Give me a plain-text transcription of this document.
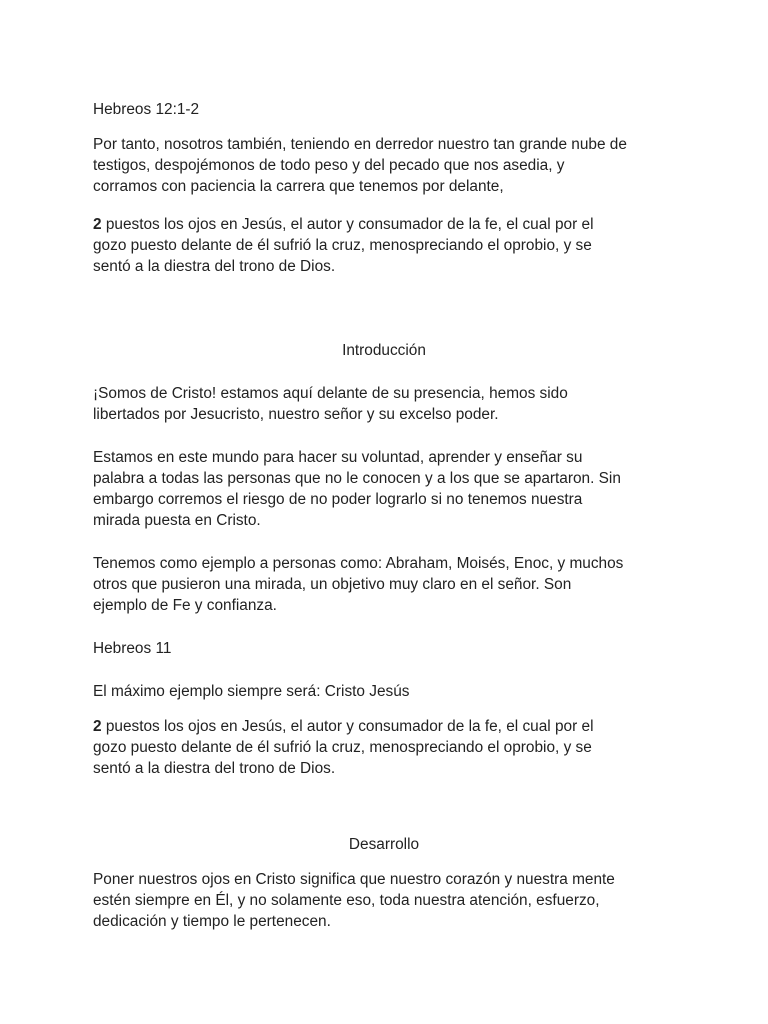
Hebreos 12:1-2

Por tanto, nosotros también, teniendo en derredor nuestro tan grande nube de
testigos, despojémonos de todo peso y del pecado que nos asedia, y
corramos con paciencia la carrera que tenemos por delante,

2 puestos los ojos en Jesús, el autor y consumador de la fe, el cual por el
gozo puesto delante de él sufrió la cruz, menospreciando el oprobio, y se
sentó a la diestra del trono de Dios.

Introducción

¡Somos de Cristo! estamos aquí delante de su presencia, hemos sido
libertados por Jesucristo, nuestro señor y su excelso poder.

Estamos en este mundo para hacer su voluntad, aprender y enseñar su
palabra a todas las personas que no le conocen y a los que se apartaron. Sin
embargo corremos el riesgo de no poder lograrlo si no tenemos nuestra
mirada puesta en Cristo.

Tenemos como ejemplo a personas como: Abraham, Moisés, Enoc, y muchos
otros que pusieron una mirada, un objetivo muy claro en el señor. Son
ejemplo de Fe y confianza.

Hebreos 11

El máximo ejemplo siempre será: Cristo Jesús

2 puestos los ojos en Jesús, el autor y consumador de la fe, el cual por el
gozo puesto delante de él sufrió la cruz, menospreciando el oprobio, y se
sentó a la diestra del trono de Dios.

Desarrollo

Poner nuestros ojos en Cristo significa que nuestro corazón y nuestra mente
estén siempre en Él, y no solamente eso, toda nuestra atención, esfuerzo,
dedicación y tiempo le pertenecen.
